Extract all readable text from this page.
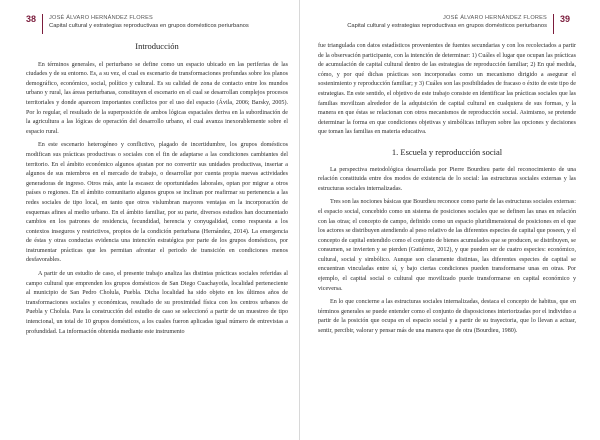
38 JOSÉ ÁLVARO HERNÁNDEZ FLORES
Capital cultural y estrategias reproductivas en grupos domésticos periurbanos
Introducción

En términos generales, el periurbano se define como un espacio ubicado en las periferias de las ciudades y de su entorno. Es, a su vez, el cual es escenario de transformaciones profundas sobre los planos demográfico, económico, social, político y cultural. Es su calidad de zona de contacto entre los mundos urbano y rural, las áreas periurbanas, constituyen el escenario en el cual se desarrollan complejos procesos territoriales y donde aparecen importantes conflictos por el uso del espacio (Ávila, 2006; Barsky, 2005). Por lo regular, el resultado de la superposición de ambos lógicas espaciales deriva en la subordinación de la agricultura a las lógicas de operación del desarrollo urbano, el cual avanza inexorablemente sobre el espacio rural.

En este escenario heterogéneo y conflictivo, plagado de incertidumbre, los grupos domésticos modifican sus prácticas productivas o sociales con el fin de adaptarse a las condiciones cambiantes del territorio. En el ámbito económico algunos ajustan por no convertir sus unidades productivas, insertar a algunos de sus miembros en el mercado de trabajo, o desarrollar por cuenta propia nuevas actividades generadoras de ingreso. Otros más, ante la escasez de oportunidades laborales, optan por migrar a otros países o regiones. En el ámbito comunitario algunos grupos se inclinan por reafirmar su pertenencia a las redes sociales de tipo local, en tanto que otros vislumbran mayores ventajas en la incorporación de esquemas afines al medio urbano. En el ámbito familiar, por su parte, diversos estudios han documentado cambios en los patrones de residencia, fecundidad, herencia y conyugalidad, como respuesta a los contextos inseguros y restrictivos, propios de la condición periurbana (Hernández, 2014). La emergencia de éstas y otras conductas evidencia una intención estratégica por parte de los grupos domésticos, por instrumentar prácticas que les permitan afrontar el periodo de transición en condiciones menos desfavorables.

A partir de un estudio de caso, el presente trabajo analiza las distintas prácticas sociales referidas al campo cultural que emprenden los grupos domésticos de San Diego Cuachayotla, localidad perteneciente al municipio de San Pedro Cholula, Puebla. Dicha localidad ha sido objeto en los últimos años de transformaciones sociales y económicas, resultado de su proximidad física con los centros urbanos de Puebla y Cholula. Para la construcción del estudio de caso se seleccionó a partir de un muestreo de tipo intencional, un total de 10 grupos domésticos, a los cuales fueron aplicadas igual número de entrevistas a profundidad. La información obtenida mediante este instrumento

JOSÉ ÁLVARO HERNÁNDEZ FLORES
Capital cultural y estrategias reproductivas en grupos domésticos periurbanos
39

fue triangulada con datos estadísticos provenientes de fuentes secundarias y con los recolectados a partir de la observación participante, con la intención de determinar: 1) Cuáles el lugar que ocupan las prácticas de acumulación de capital cultural dentro de las estrategias de reproducción familiar; 2) En qué medida, cómo, y por qué dichas prácticas son incorporadas como un mecanismo dirigido a asegurar el sostenimiento y reproducción familiar; y 3) Cuáles son las posibilidades de fracaso o éxito de este tipo de estrategias. En este sentido, el objetivo de este trabajo consiste en identificar las prácticas sociales que las familias movilizan alrededor de la adquisición de capital cultural en cualquiera de sus formas, y la manera en que éstas se relacionan con otros mecanismos de reproducción social. Asimismo, se pretende determinar la forma en que condiciones objetivas y simbólicas influyen sobre las opciones y decisiones que toman las familias en materia educativa.

1. Escuela y reproducción social

La perspectiva metodológica desarrollada por Pierre Bourdieu parte del reconocimiento de una relación constituida entre dos modos de existencia de lo social: las estructuras sociales externas y las estructuras sociales internalizadas.

Tres son las nociones básicas que Bourdieu reconoce como parte de las estructuras sociales externas: el espacio social, concebido como un sistema de posiciones sociales que se definen las unas en relación con las otras; el concepto de campo, definido como un espacio pluridimensional de posiciones en el que los actores se distribuyen atendiendo al peso relativo de las diferentes especies de capital que poseen, y el concepto de capital entendido como el conjunto de bienes acumulados que se producen, se distribuyen, se consumen, se invierten y se pierden (Gutiérrez, 2012), y que pueden ser de cuatro especies: económico, cultural, social y simbólico. Aunque son claramente distintas, las diferentes especies de capital se encuentran vinculadas entre sí, y bajo ciertas condiciones pueden transformarse unas en otras. Por ejemplo, el capital social o cultural que movilizado puede transformarse en capital económico y viceversa.

En lo que concierne a las estructuras sociales internalizadas, destaca el concepto de habitus, que en términos generales se puede entender como el conjunto de disposiciones interiorizadas por el individuo a partir de la posición que ocupa en el espacio social y a partir de su trayectoria, que lo llevan a actuar, sentir, percibir, valorar y pensar más de una manera que de otra (Bourdieu, 1980).
